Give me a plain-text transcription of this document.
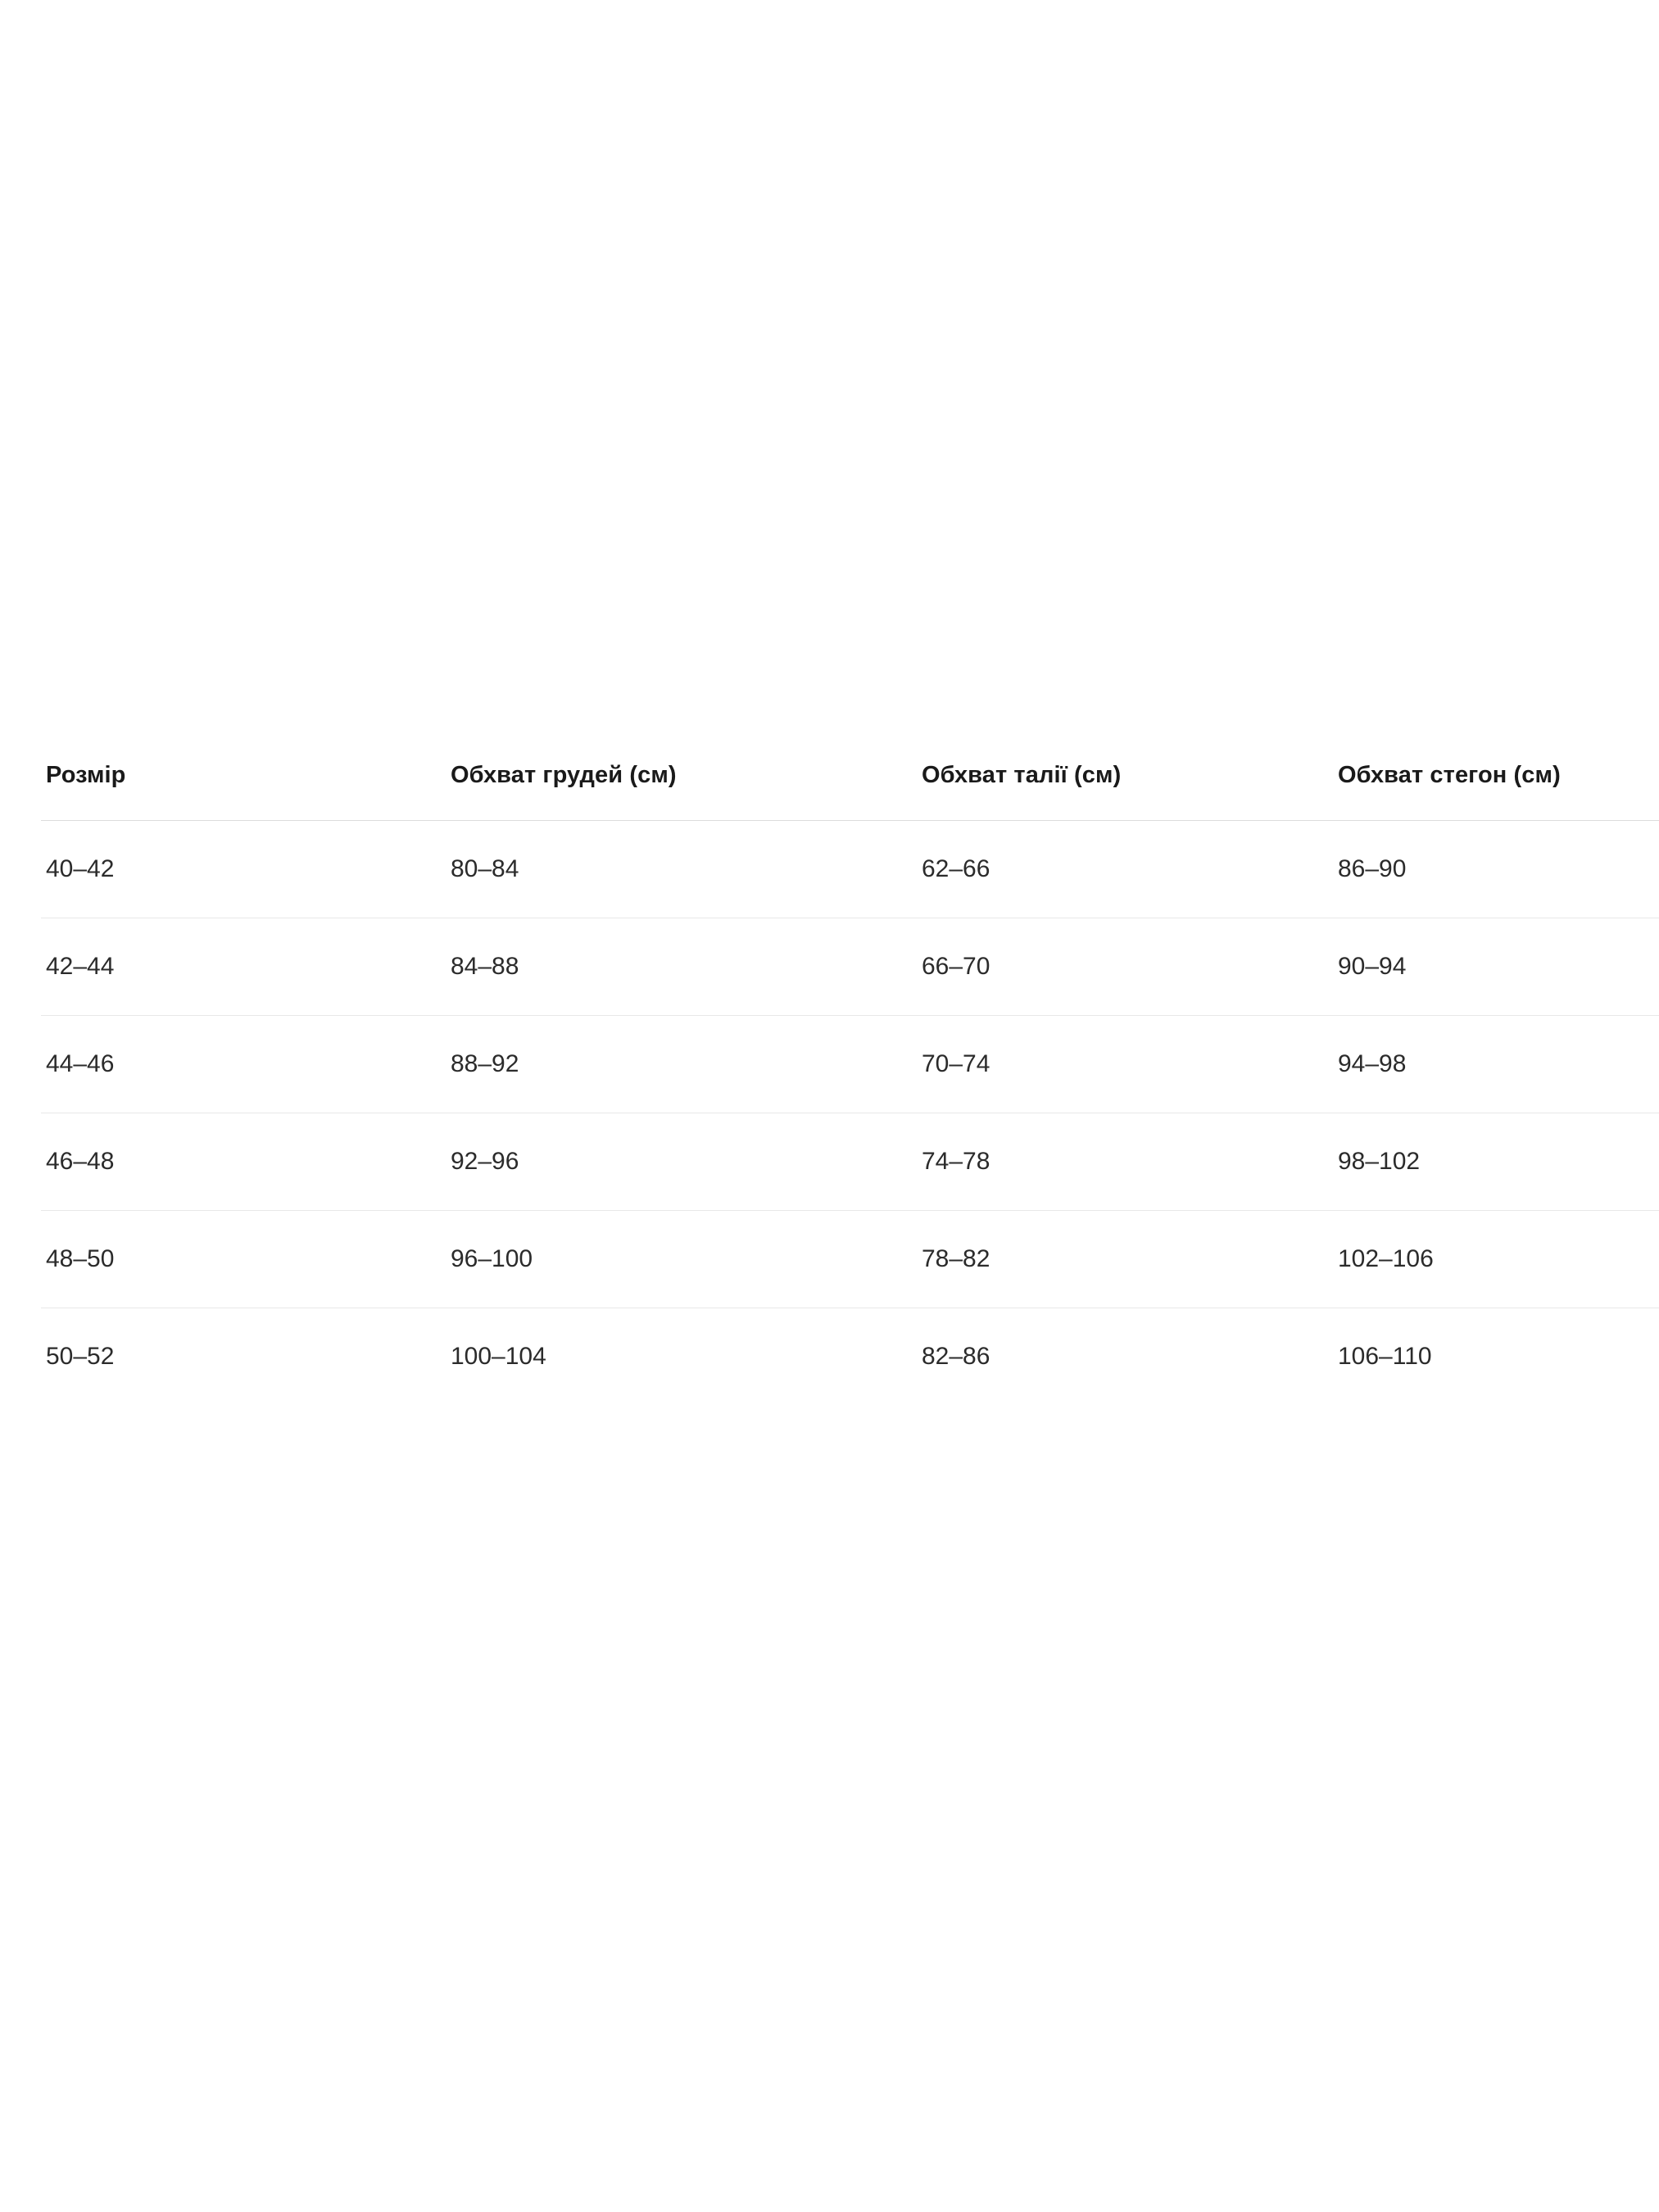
Розмір	Обхват грудей (см)	Обхват талії (см)	Обхват стегон (см)
40–42	80–84	62–66	86–90
42–44	84–88	66–70	90–94
44–46	88–92	70–74	94–98
46–48	92–96	74–78	98–102
48–50	96–100	78–82	102–106
50–52	100–104	82–86	106–110
